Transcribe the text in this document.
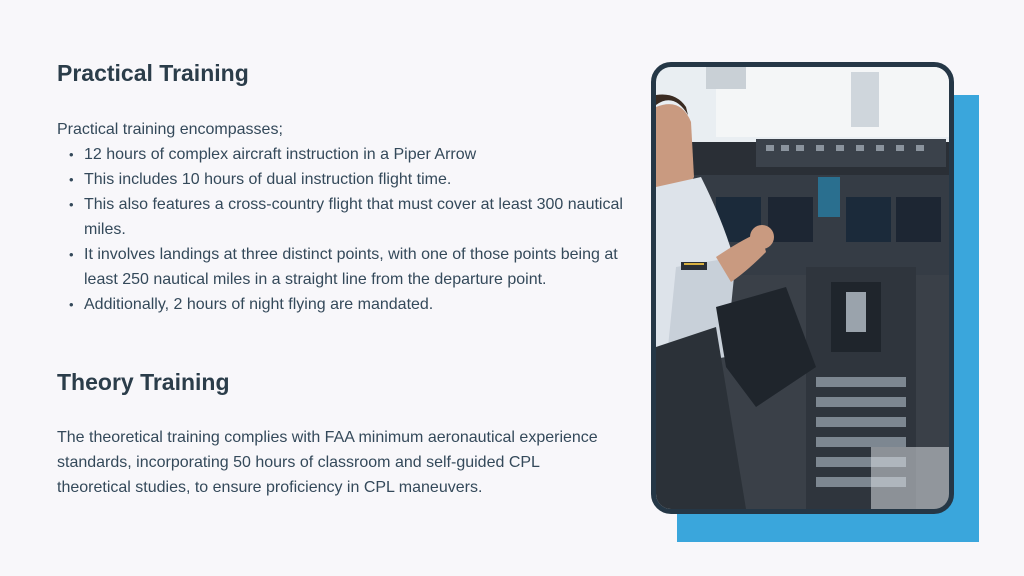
Practical Training
Practical training encompasses;
• 12 hours of complex aircraft instruction in a Piper Arrow
• This includes 10 hours of dual instruction flight time.
• This also features a cross-country flight that must cover at least 300 nautical miles.
• It involves landings at three distinct points, with one of those points being at least 250 nautical miles in a straight line from the departure point.
• Additionally, 2 hours of night flying are mandated.
Theory Training
The theoretical training complies with FAA minimum aeronautical experience standards, incorporating 50 hours of classroom and self-guided CPL theoretical studies, to ensure proficiency in CPL maneuvers.
